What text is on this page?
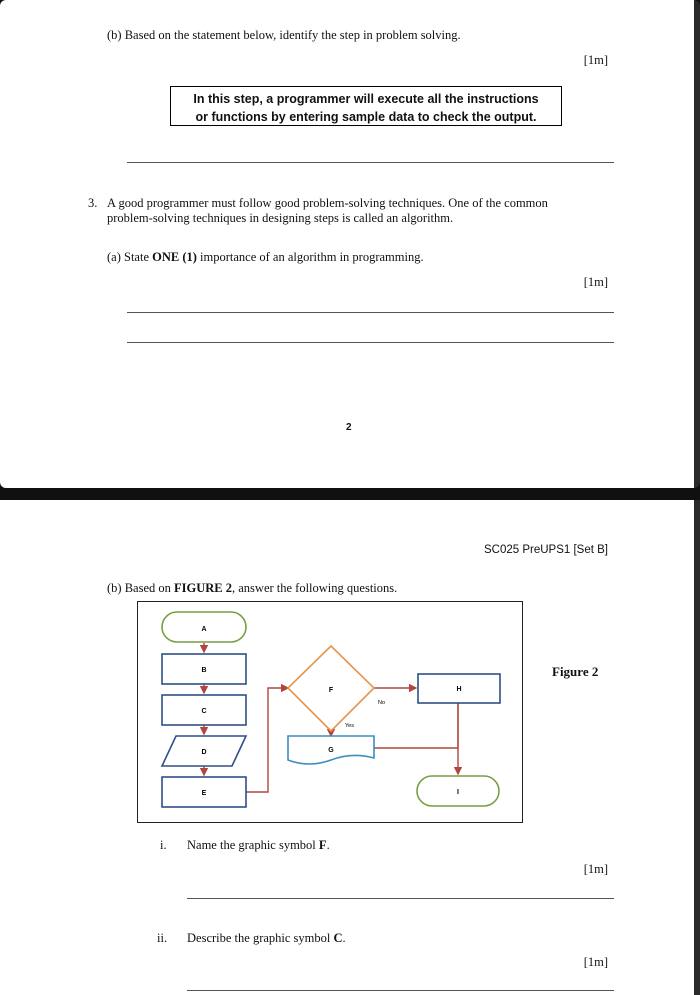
(b) Based on the statement below, identify the step in problem solving.
[1m]
In this step, a programmer will execute all the instructions
or functions by entering sample data to check the output.
3. A good programmer must follow good problem-solving techniques. One of the common
problem-solving techniques in designing steps is called an algorithm.
(a) State ONE (1) importance of an algorithm in programming.
[1m]
2
SC025 PreUPS1 [Set B]
(b) Based on FIGURE 2, answer the following questions.
A
B
C
D
E
F
No
Yes
G
H
I
Figure 2
i. Name the graphic symbol F.
[1m]
ii. Describe the graphic symbol C.
[1m]
